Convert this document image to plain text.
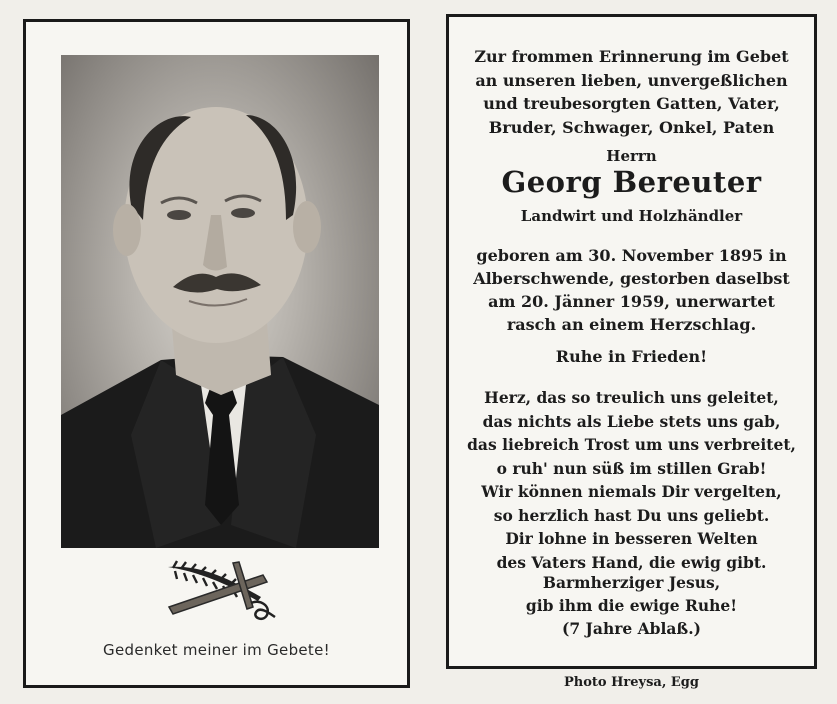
Gedenket meiner im Gebete!
Zur frommen Erinnerung im Gebet
an unseren lieben, unvergeßlichen
und treubesorgten Gatten, Vater,
Bruder, Schwager, Onkel, Paten
Herrn
Georg Bereuter
Landwirt und Holzhändler
geboren am 30. November 1895 in
Alberschwende, gestorben daselbst
am 20. Jänner 1959, unerwartet
rasch an einem Herzschlag.
Ruhe in Frieden!
Herz, das so treulich uns geleitet,
das nichts als Liebe stets uns gab,
das liebreich Trost um uns verbreitet,
o ruh' nun süß im stillen Grab!
Wir können niemals Dir vergelten,
so herzlich hast Du uns geliebt.
Dir lohne in besseren Welten
des Vaters Hand, die ewig gibt.
Barmherziger Jesus,
gib ihm die ewige Ruhe!
(7 Jahre Ablaß.)
Photo Hreysa, Egg
